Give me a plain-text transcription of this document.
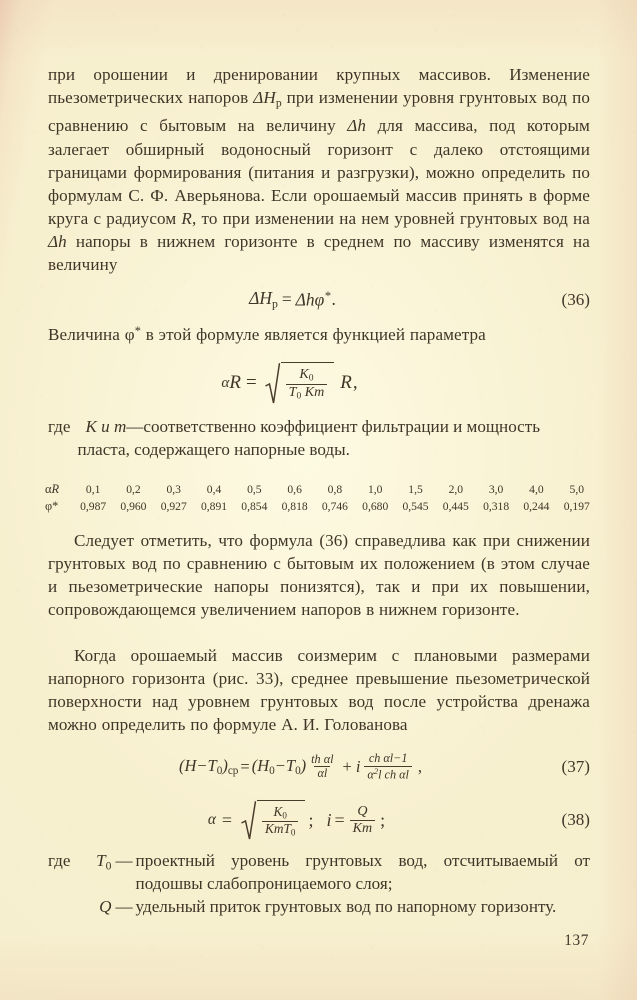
при орошении и дренировании крупных массивов. Изменение пьезометрических напоров $\Delta H_р$ при изменении уровня грунтовых вод по сравнению с бытовым на величину Δh для массива, под которым залегает обширный водоносный горизонт с далеко отстоящими границами формирования (питания и разгрузки), можно определить по формулам С. Ф. Аверьянова. Если орошаемый массив принять в форме круга с радиусом R, то при изменении на нем уровней грунтовых вод на Δh напоры в нижнем горизонте в среднем по массиву изменятся на величину

$\Delta H_р = \Delta h\varphi^*$.	(36)

Величина φ* в этой формуле является функцией параметра

α R =	$\frac{K_0}{T_0 Km}$ R ,
где K и m—соответственно коэффициент фильтрации и мощность пласта, содержащего напорные воды.
αR	0,1	0,2	0,3	0,4	0,5	0,6	0,8	1,0	1,5	2,0	3,0	4,0	5,0
φ*	0,987	0,960	0,927	0,891	0,854	0,818	0,746	0,680	0,545	0,445	0,318	0,244	0,197

Следует отметить, что формула (36) справедлива как при снижении грунтовых вод по сравнению с бытовым их положением (в этом случае и пьезометрические напоры понизятся), так и при их повышении, сопровождающемся увеличением напоров в нижнем горизонте.

Когда орошаемый массив соизмерим с плановыми размерами напорного горизонта (рис. 33), среднее превышение пьезометрической поверхности над уровнем грунтовых вод после устройства дренажа можно определить по формуле А. И. Голованова

$(H-T_0)_{ср} = (H_0-T_0) \frac{\text{th αl}}{\alpha l} + i \frac{\text{ch αl−1}}{\alpha^2l ch \alpha l}$ ,	(37)
α =	$\frac{K_0}{KmT_0}$ ; $i = \frac{Q}{Km}$ ;	(38)
где	$T_0$ — проектный уровень грунтовых вод, отсчитываемый от подошвы слабопроницаемого слоя;
Q — удельный приток грунтовых вод по напорному горизонту.
137
